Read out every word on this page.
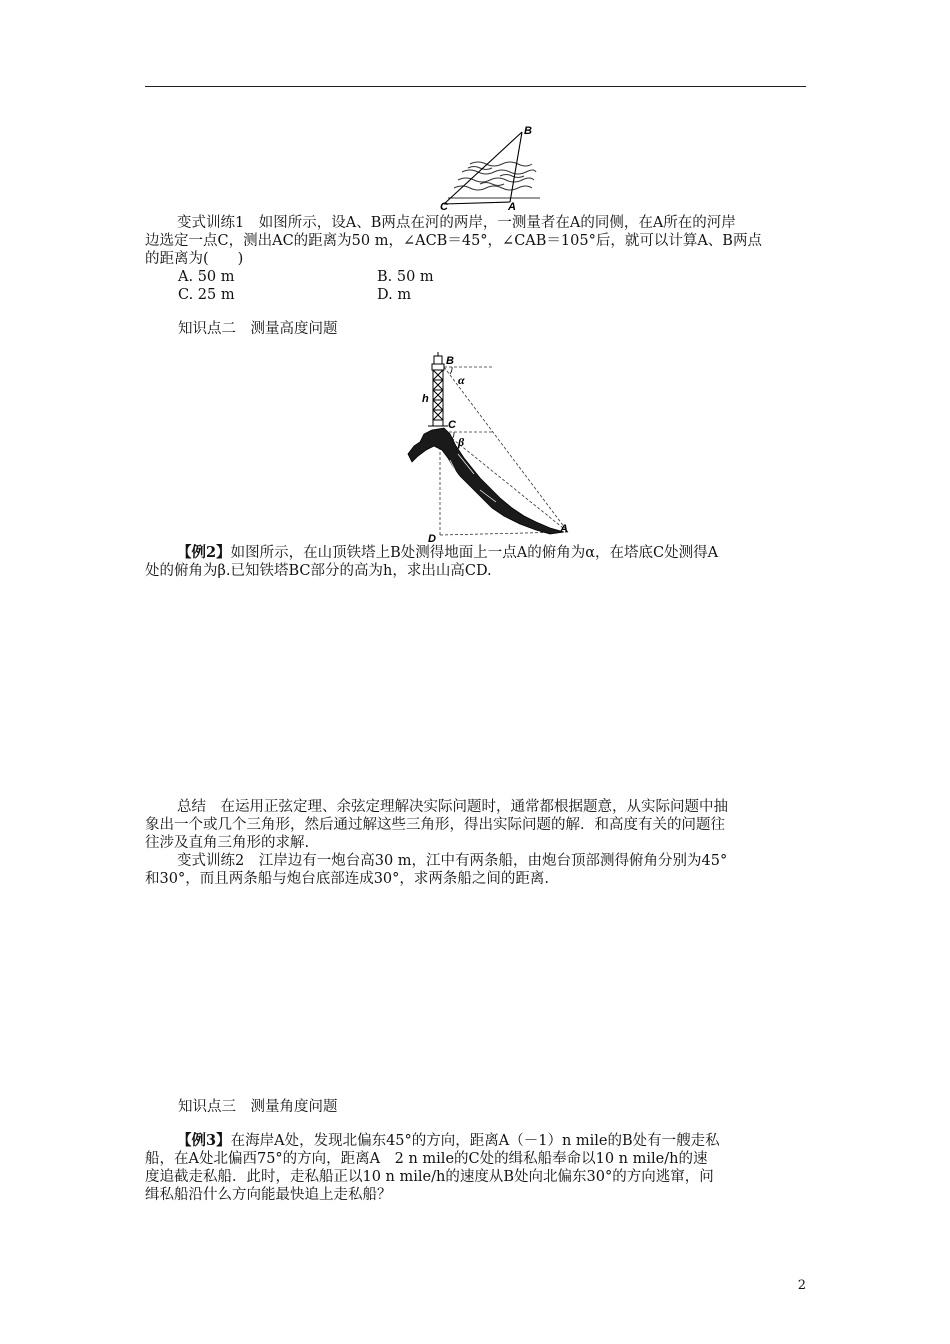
B
C	A

变式训练1　如图所示，设A、B两点在河的两岸，一测量者在A的同侧，在A所在的河岸

边选定一点C，测出AC的距离为50 m，∠ACB＝45°，∠CAB＝105°后，就可以计算A、B两点

的距离为(　　)

A. 50 m	B. 50 m
C. 25 m	D. m

知识点二　测量高度问题

B
α
h
C
β
D
A

【例2】如图所示，在山顶铁塔上B处测得地面上一点A的俯角为α，在塔底C处测得A

处的俯角为β.已知铁塔BC部分的高为h，求出山高CD.

总结　在运用正弦定理、余弦定理解决实际问题时，通常都根据题意，从实际问题中抽

象出一个或几个三角形，然后通过解这些三角形，得出实际问题的解．和高度有关的问题往

往涉及直角三角形的求解.

变式训练2　江岸边有一炮台高30 m，江中有两条船，由炮台顶部测得俯角分别为45°

和30°，而且两条船与炮台底部连成30°，求两条船之间的距离.

知识点三　测量角度问题

【例3】在海岸A处，发现北偏东45°的方向，距离A（－1）n mile的B处有一艘走私

船，在A处北偏西75°的方向，距离A　2 n mile的C处的缉私船奉命以10 n mile/h的速

度追截走私船．此时，走私船正以10 n mile/h的速度从B处向北偏东30°的方向逃窜，问

缉私船沿什么方向能最快追上走私船？

2
